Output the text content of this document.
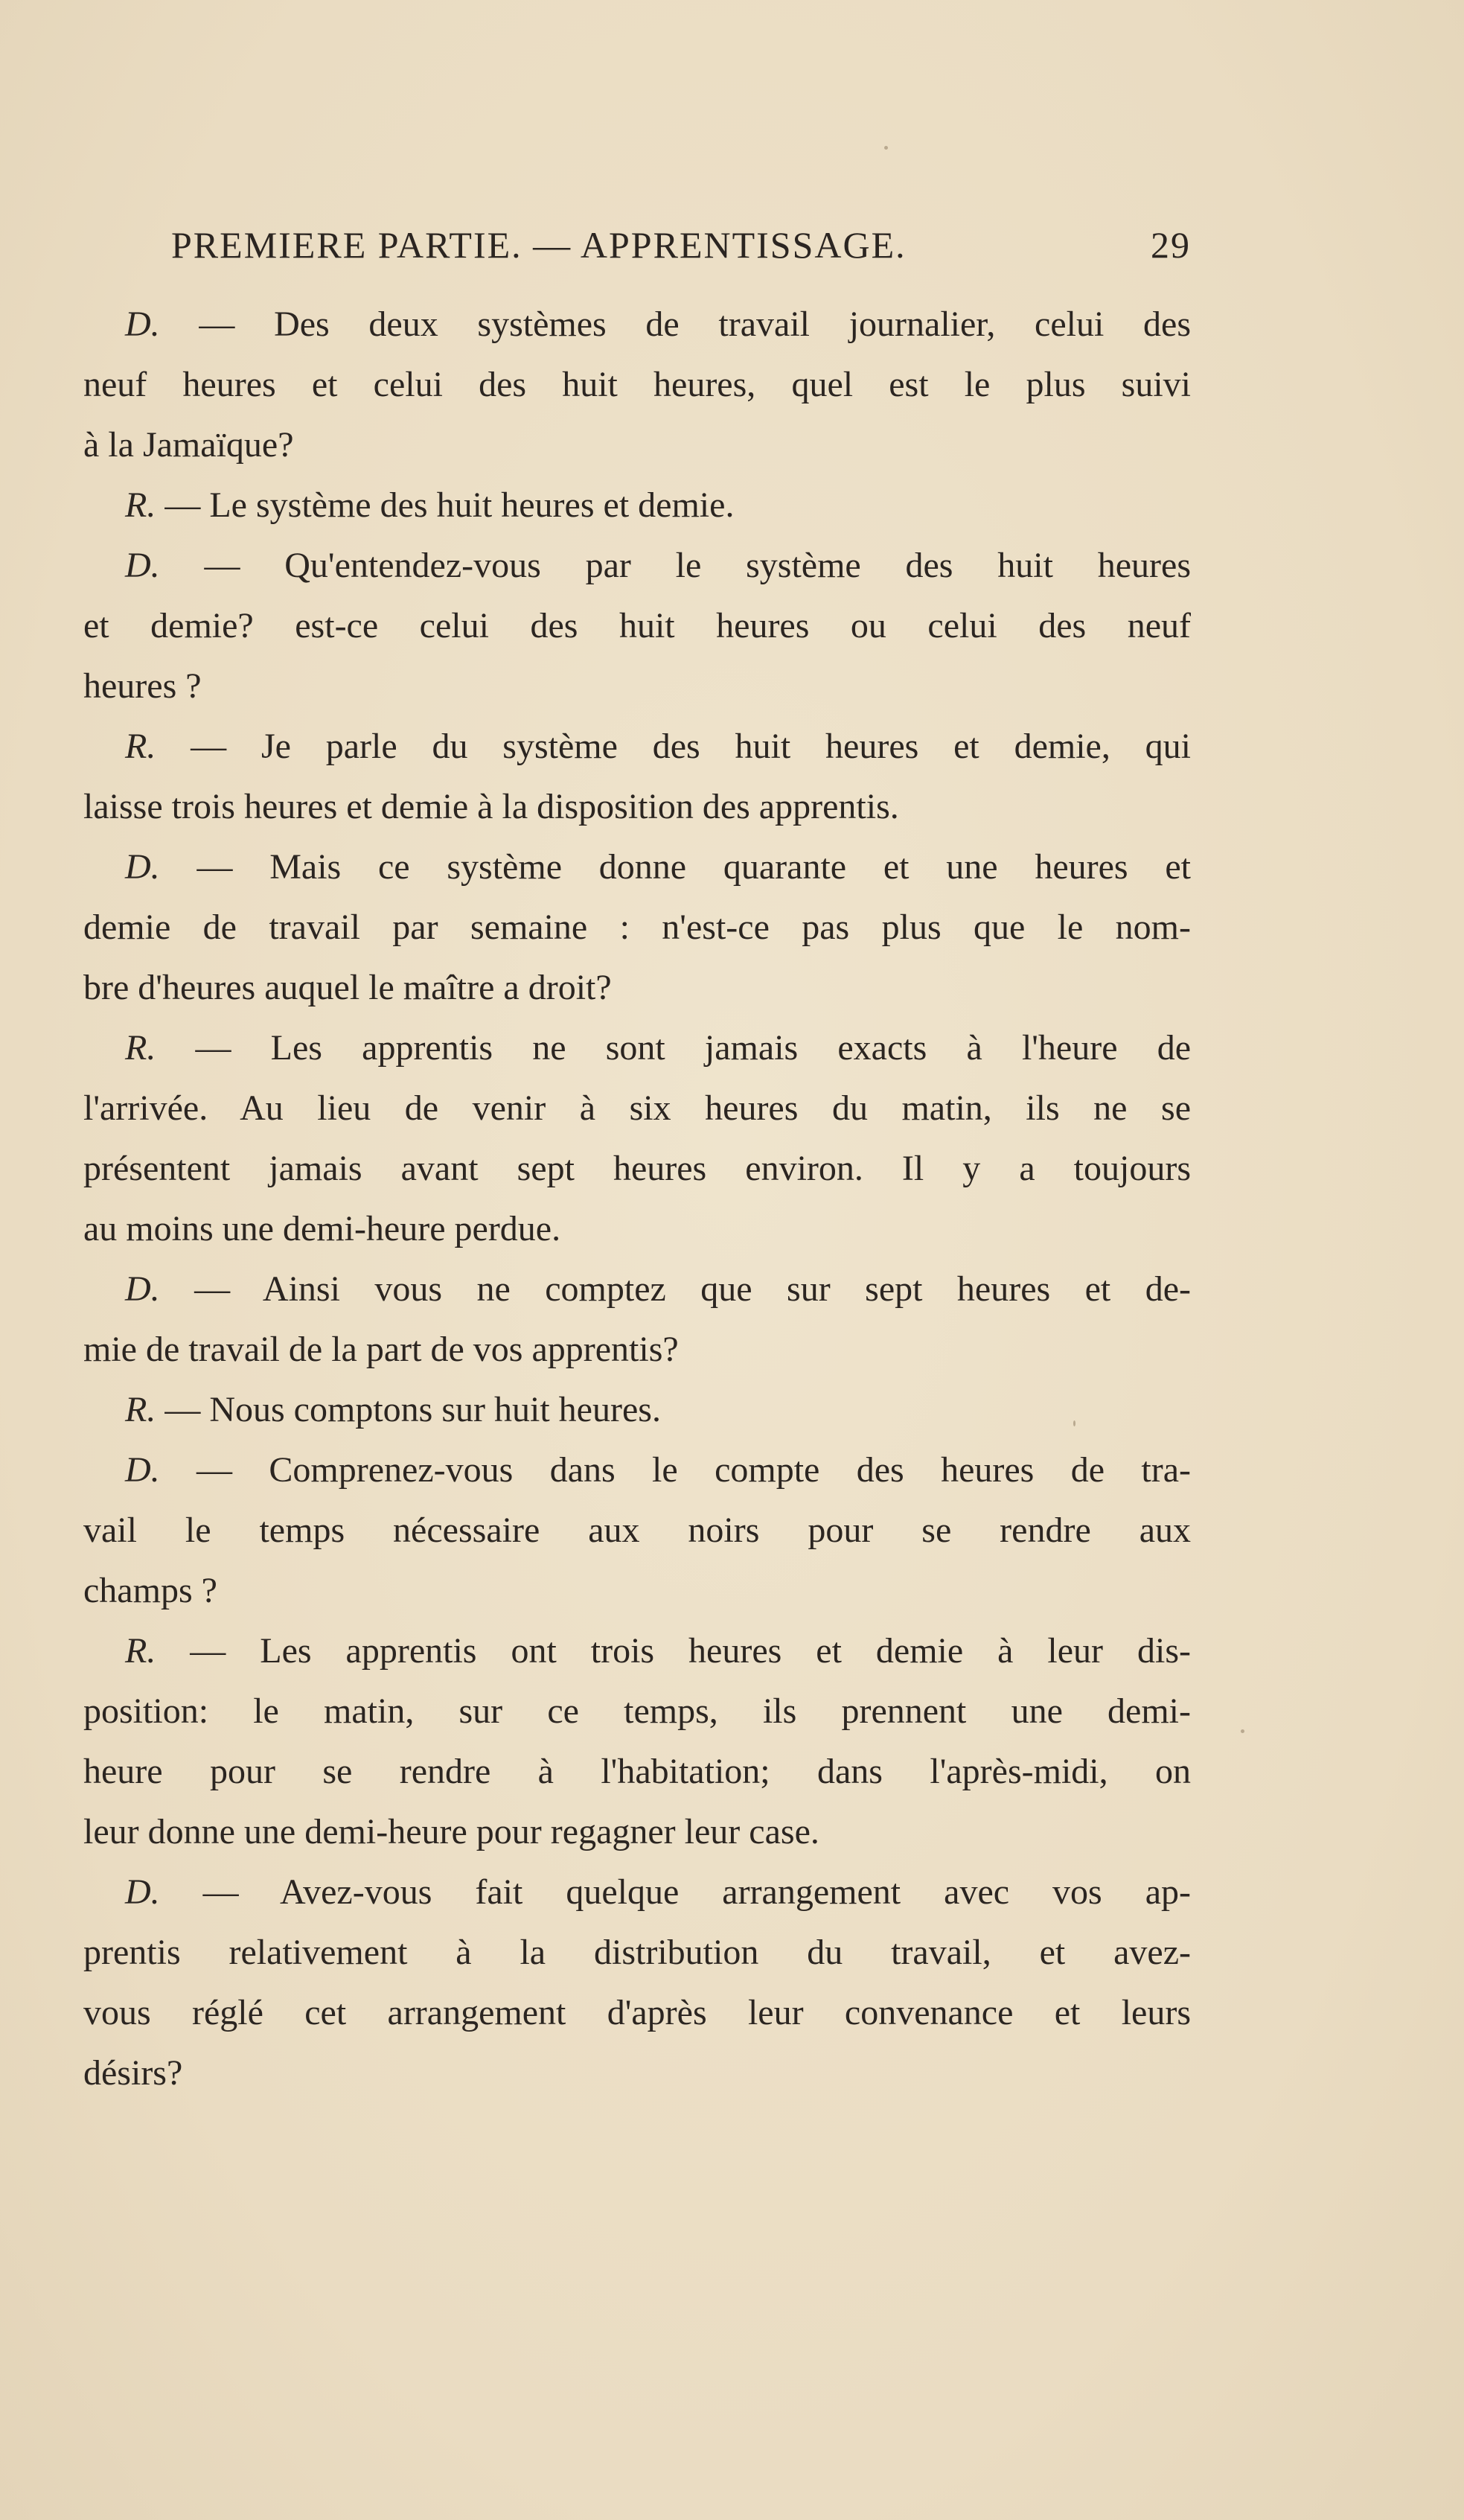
PREMIERE PARTIE. — APPRENTISSAGE.	29
D. — Des deux systèmes de travail journalier, celui des
neuf heures et celui des huit heures, quel est le plus suivi
à la Jamaïque?
R. — Le système des huit heures et demie.
D. — Qu'entendez-vous par le système des huit heures
et demie? est-ce celui des huit heures ou celui des neuf
heures ?
R. — Je parle du système des huit heures et demie, qui
laisse trois heures et demie à la disposition des apprentis.
D. — Mais ce système donne quarante et une heures et
demie de travail par semaine : n'est-ce pas plus que le nom-
bre d'heures auquel le maître a droit?
R. — Les apprentis ne sont jamais exacts à l'heure de
l'arrivée. Au lieu de venir à six heures du matin, ils ne se
présentent jamais avant sept heures environ. Il y a toujours
au moins une demi-heure perdue.
D. — Ainsi vous ne comptez que sur sept heures et de-
mie de travail de la part de vos apprentis?
R. — Nous comptons sur huit heures.
D. — Comprenez-vous dans le compte des heures de tra-
vail le temps nécessaire aux noirs pour se rendre aux
champs ?
R. — Les apprentis ont trois heures et demie à leur dis-
position: le matin, sur ce temps, ils prennent une demi-
heure pour se rendre à l'habitation; dans l'après-midi, on
leur donne une demi-heure pour regagner leur case.
D. — Avez-vous fait quelque arrangement avec vos ap-
prentis relativement à la distribution du travail, et avez-
vous réglé cet arrangement d'après leur convenance et leurs
désirs?
